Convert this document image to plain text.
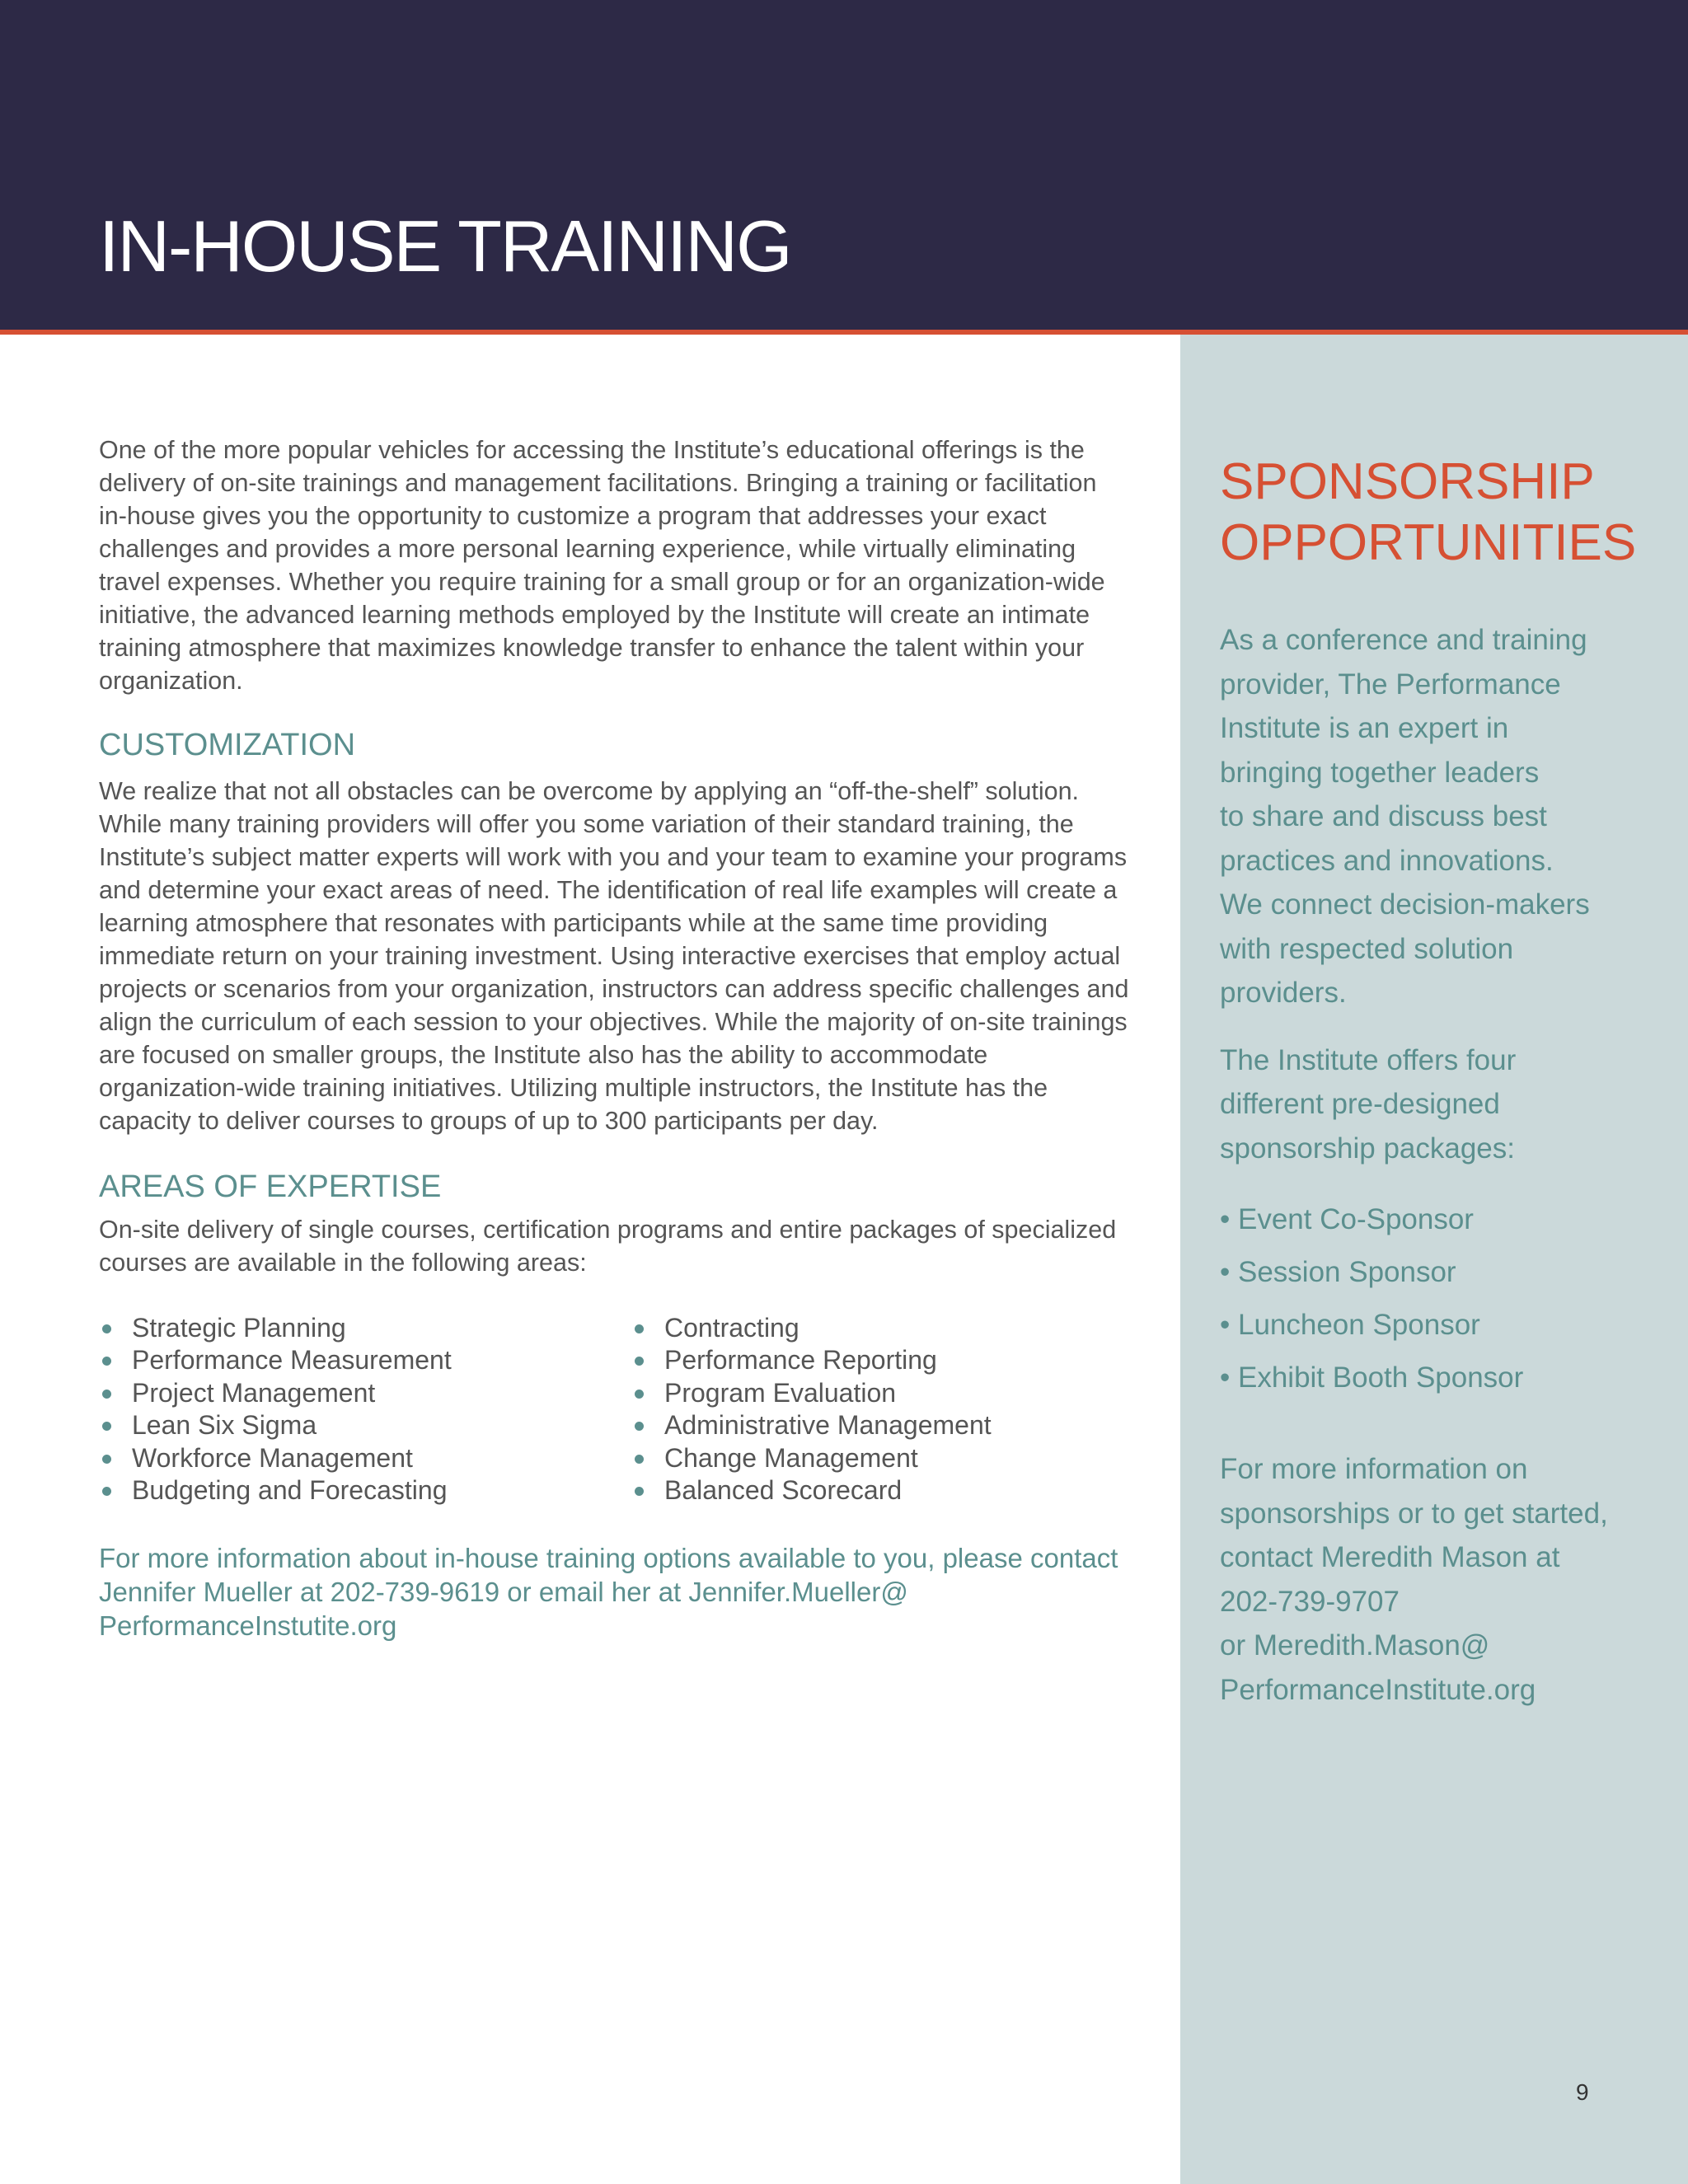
IN-HOUSE TRAINING

One of the more popular vehicles for accessing the Institute’s educational offerings is the delivery of on-site trainings and management facilitations. Bringing a training or facilitation in-house gives you the opportunity to customize a program that addresses your exact challenges and provides a more personal learning experience, while virtually eliminating travel expenses. Whether you require training for a small group or for an organization-wide initiative, the advanced learning methods employed by the Institute will create an intimate training atmosphere that maximizes knowledge transfer to enhance the talent within your organization.

CUSTOMIZATION

We realize that not all obstacles can be overcome by applying an “off-the-shelf” solution. While many training providers will offer you some variation of their standard training, the Institute’s subject matter experts will work with you and your team to examine your programs and determine your exact areas of need. The identification of real life examples will create a learning atmosphere that resonates with participants while at the same time providing immediate return on your training investment. Using interactive exercises that employ actual projects or scenarios from your organization, instructors can address specific challenges and align the curriculum of each session to your objectives. While the majority of on-site trainings are focused on smaller groups, the Institute also has the ability to accommodate organization-wide training initiatives. Utilizing multiple instructors, the Institute has the capacity to deliver courses to groups of up to 300 participants per day.

AREAS OF EXPERTISE

On-site delivery of single courses, certification programs and entire packages of specialized courses are available in the following areas:

Strategic Planning
Performance Measurement
Project Management
Lean Six Sigma
Workforce Management
Budgeting and Forecasting
Contracting
Performance Reporting
Program Evaluation
Administrative Management
Change Management
Balanced Scorecard

For more information about in-house training options available to you, please contact Jennifer Mueller at 202-739-9619 or email her at Jennifer.Mueller@ PerformanceInstutite.org

SPONSORSHIP
OPPORTUNITIES

As a conference and training
provider, The Performance
Institute is an expert in
bringing together leaders
to share and discuss best
practices and innovations.
We connect decision-makers
with respected solution
providers.

The Institute offers four
different pre-designed
sponsorship packages:

• Event Co-Sponsor
• Session Sponsor
• Luncheon Sponsor
• Exhibit Booth Sponsor

For more information on
sponsorships or to get started,
contact Meredith Mason at
202-739-9707
or Meredith.Mason@
PerformanceInstitute.org

9
